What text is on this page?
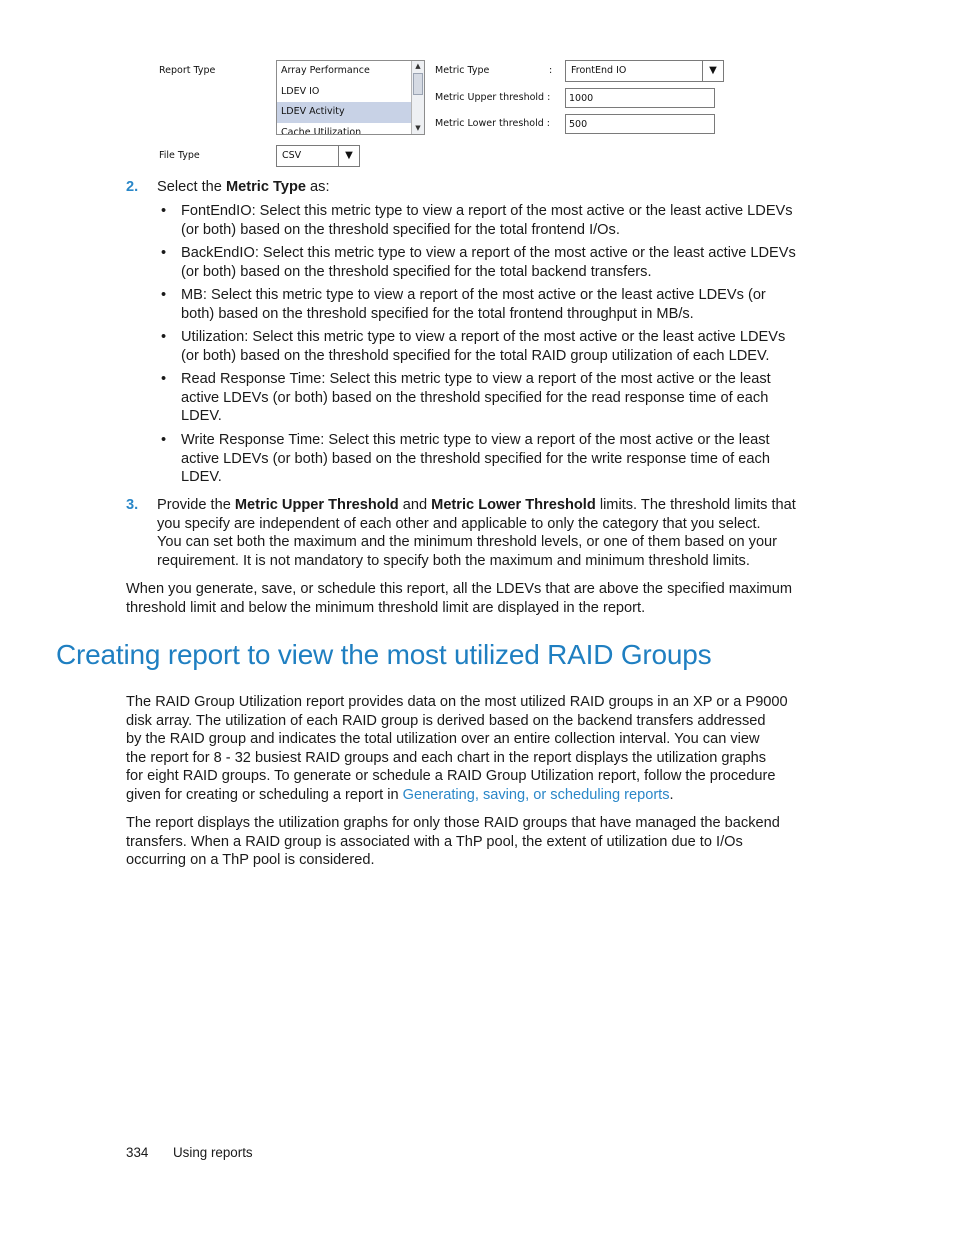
Report Type	Array Performance
LDEV IO
LDEV Activity
Cache Utilization
▲
▼
File Type	CSV	▼
Metric Type	: FrontEnd IO	▼
Metric Upper threshold :
1000
Metric Lower threshold :
500
2. Select the Metric Type as:
• FontEndIO: Select this metric type to view a report of the most active or the least active LDEVs
(or both) based on the threshold specified for the total frontend I/Os.
• BackEndIO: Select this metric type to view a report of the most active or the least active LDEVs
(or both) based on the threshold specified for the total backend transfers.
• MB: Select this metric type to view a report of the most active or the least active LDEVs (or
both) based on the threshold specified for the total frontend throughput in MB/s.
• Utilization: Select this metric type to view a report of the most active or the least active LDEVs
(or both) based on the threshold specified for the total RAID group utilization of each LDEV.
• Read Response Time: Select this metric type to view a report of the most active or the least
active LDEVs (or both) based on the threshold specified for the read response time of each
LDEV.
• Write Response Time: Select this metric type to view a report of the most active or the least
active LDEVs (or both) based on the threshold specified for the write response time of each
LDEV.
3. Provide the Metric Upper Threshold and Metric Lower Threshold limits. The threshold limits that
you specify are independent of each other and applicable to only the category that you select.
You can set both the maximum and the minimum threshold levels, or one of them based on your
requirement. It is not mandatory to specify both the maximum and minimum threshold limits.
When you generate, save, or schedule this report, all the LDEVs that are above the specified maximum
threshold limit and below the minimum threshold limit are displayed in the report.
Creating report to view the most utilized RAID Groups
The RAID Group Utilization report provides data on the most utilized RAID groups in an XP or a P9000
disk array. The utilization of each RAID group is derived based on the backend transfers addressed
by the RAID group and indicates the total utilization over an entire collection interval. You can view
the report for 8 - 32 busiest RAID groups and each chart in the report displays the utilization graphs
for eight RAID groups. To generate or schedule a RAID Group Utilization report, follow the procedure
given for creating or scheduling a report in Generating, saving, or scheduling reports.
The report displays the utilization graphs for only those RAID groups that have managed the backend
transfers. When a RAID group is associated with a ThP pool, the extent of utilization due to I/Os
occurring on a ThP pool is considered.
334 Using reports
